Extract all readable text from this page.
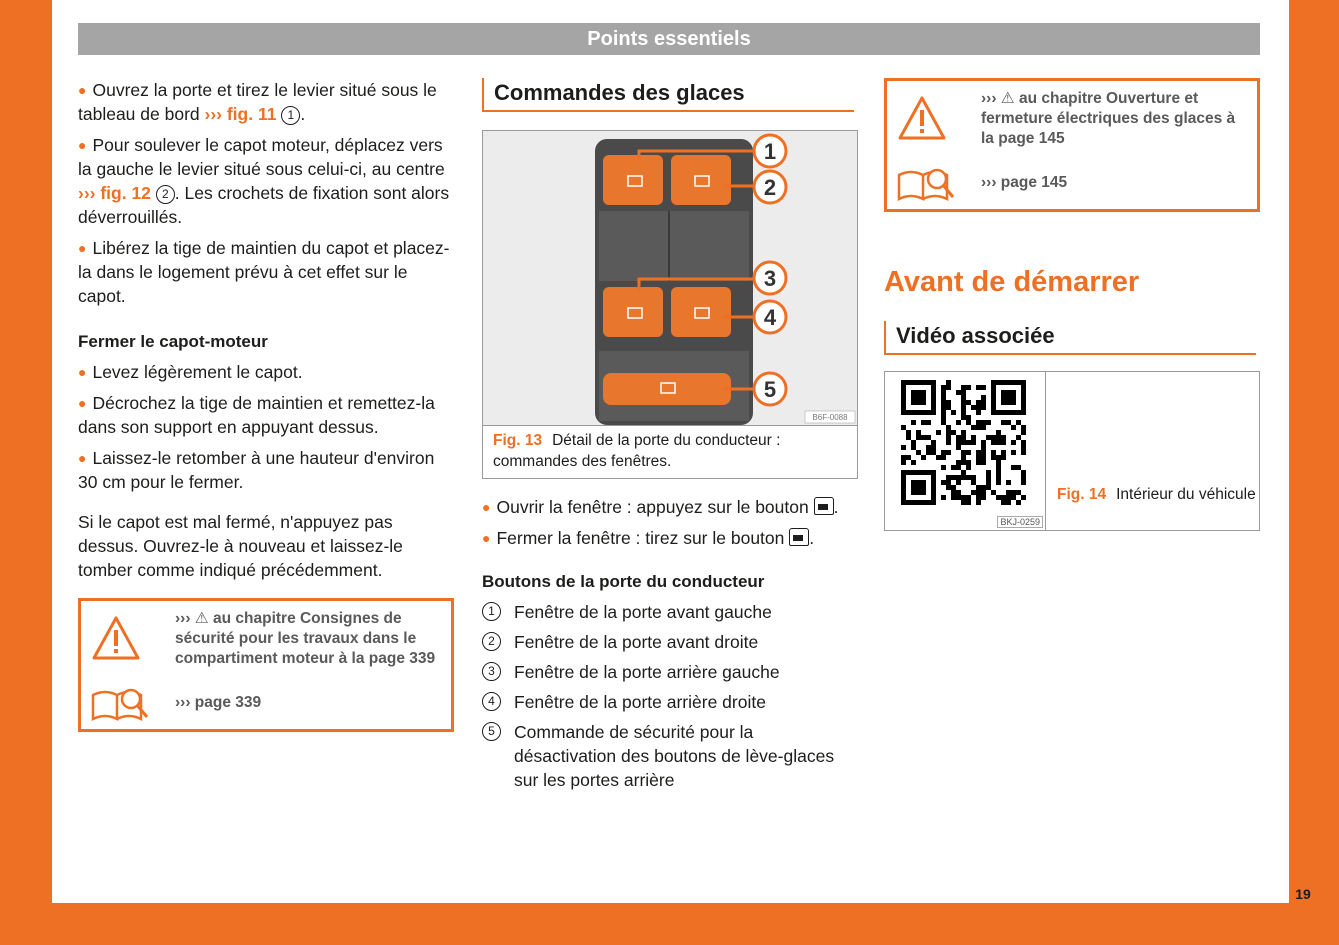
Points essentiels

● Ouvrez la porte et tirez le levier situé sous le tableau de bord ››› fig. 11 1 .

● Pour soulever le capot moteur, déplacez vers la gauche le levier situé sous celui-ci, au centre ››› fig. 12 2 . Les crochets de fixation sont alors déverrouillés.

● Libérez la tige de maintien du capot et placez-la dans le logement prévu à cet effet sur le capot.

Fermer le capot-moteur

● Levez légèrement le capot.

● Décrochez la tige de maintien et remettez-la dans son support en appuyant dessus.

● Laissez-le retomber à une hauteur d'environ 30 cm pour le fermer.

Si le capot est mal fermé, n'appuyez pas dessus. Ouvrez-le à nouveau et laissez-le tomber comme indiqué précédemment.

››› ⚠ au chapitre Consignes de sécurité pour les travaux dans le compartiment moteur à la page 339
››› page 339
Commandes des glaces
1
2
3
4
5
B6F-0088
Fig. 13 Détail de la porte du conducteur : commandes des fenêtres.

● Ouvrir la fenêtre : appuyez sur le bouton .

● Fermer la fenêtre : tirez sur le bouton .

Boutons de la porte du conducteur
1	Fenêtre de la porte avant gauche
2	Fenêtre de la porte avant droite
3	Fenêtre de la porte arrière gauche
4	Fenêtre de la porte arrière droite
5	Commande de sécurité pour la désactivation des boutons de lève-glaces sur les portes arrière
››› ⚠ au chapitre Ouverture et fermeture électriques des glaces à la page 145
››› page 145
Avant de démarrer
Vidéo associée
BKJ-0259
Fig. 14 Intérieur du véhicule
19
